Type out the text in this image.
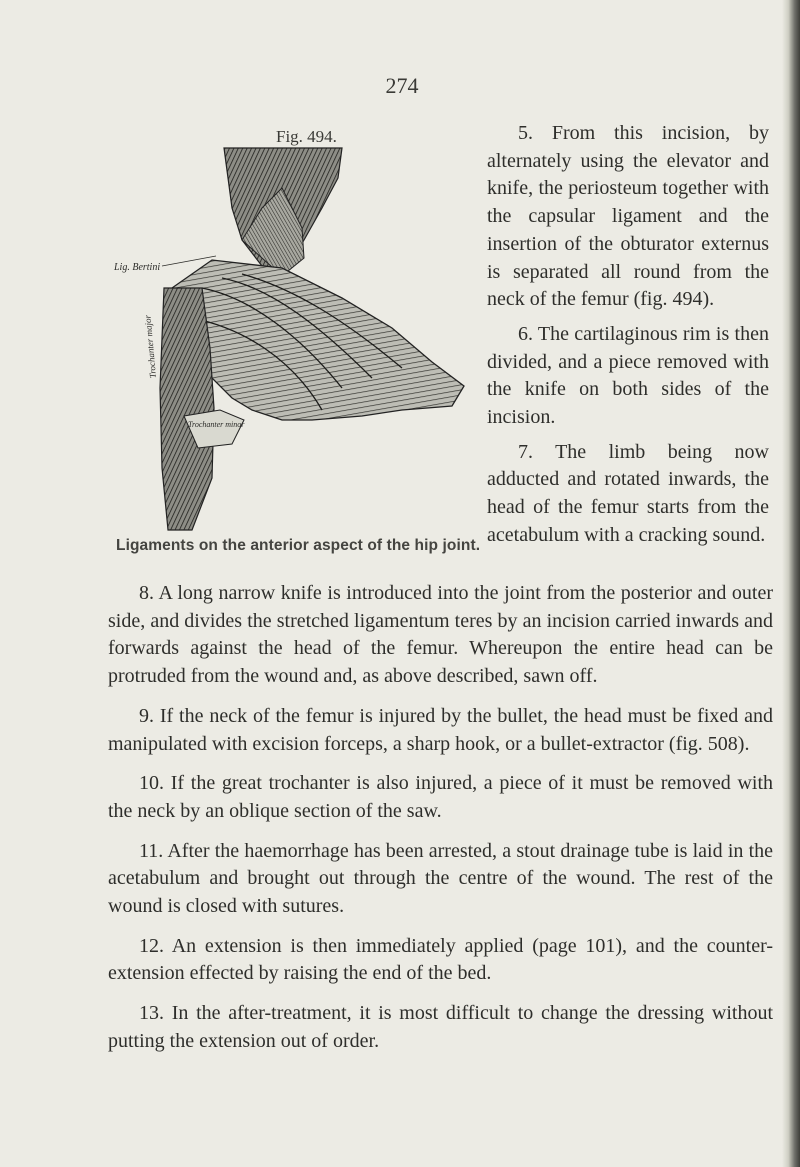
274
Fig. 494.
Lig. Bertini
Trochanter minor
Trochanter major
Ligaments on the anterior aspect of the hip joint.

5. From this incision, by alternately using the elevator and knife, the periosteum together with the capsular ligament and the insertion of the obturator externus is separated all round from the neck of the femur (fig. 494).

6. The cartilaginous rim is then divided, and a piece removed with the knife on both sides of the incision.

7. The limb being now adducted and rotated inwards, the head of the femur starts from the acetabulum with a cracking sound.

8. A long narrow knife is introduced into the joint from the posterior and outer side, and divides the stretched ligamentum teres by an incision carried inwards and forwards against the head of the femur. Whereupon the entire head can be protruded from the wound and, as above described, sawn off.

9. If the neck of the femur is injured by the bullet, the head must be fixed and manipulated with excision forceps, a sharp hook, or a bullet-extractor (fig. 508).

10. If the great trochanter is also injured, a piece of it must be removed with the neck by an oblique section of the saw.

11. After the haemorrhage has been arrested, a stout drainage tube is laid in the acetabulum and brought out through the centre of the wound. The rest of the wound is closed with sutures.

12. An extension is then immediately applied (page 101), and the counter-extension effected by raising the end of the bed.

13. In the after-treatment, it is most difficult to change the dressing without putting the extension out of order.
